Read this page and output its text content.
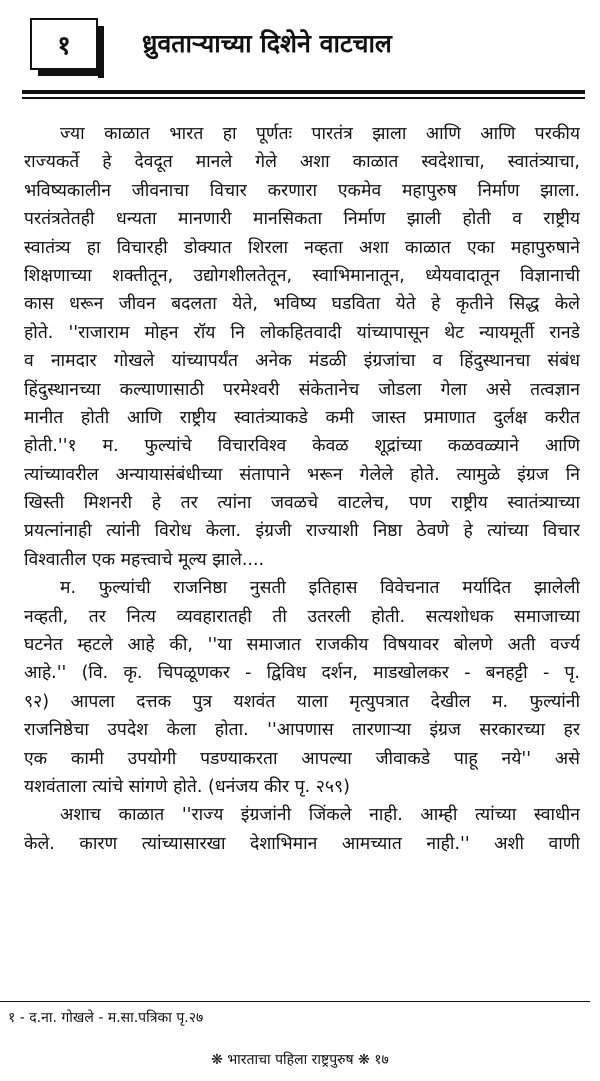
१	ध्रुवताऱ्याच्या दिशेने वाटचाल
ज्या काळात भारत हा पूर्णतः पारतंत्र झाला आणि आणि परकीय
राज्यकर्ते हे देवदूत मानले गेले अशा काळात स्वदेशाचा, स्वातंत्र्याचा,
भविष्यकालीन जीवनाचा विचार करणारा एकमेव महापुरुष निर्माण झाला.
परतंत्रतेतही धन्यता मानणारी मानसिकता निर्माण झाली होती व राष्ट्रीय
स्वातंत्र्य हा विचारही डोक्यात शिरला नव्हता अशा काळात एका महापुरुषाने
शिक्षणाच्या शक्तीतून, उद्योगशीलतेतून, स्वाभिमानातून, ध्येयवादातून विज्ञानाची
कास धरून जीवन बदलता येते, भविष्य घडविता येते हे कृतीने सिद्ध केले
होते. ''राजाराम मोहन रॉय नि लोकहितवादी यांच्यापासून थेट न्यायमूर्ती रानडे
व नामदार गोखले यांच्यापर्यंत अनेक मंडळी इंग्रजांचा व हिंदुस्थानचा संबंध
हिंदुस्थानच्या कल्याणासाठी परमेश्वरी संकेतानेच जोडला गेला असे तत्वज्ञान
मानीत होती आणि राष्ट्रीय स्वातंत्र्याकडे कमी जास्त प्रमाणात दुर्लक्ष करीत
होती.''१ म. फुल्यांचे विचारविश्व केवळ शूद्रांच्या कळवळ्याने आणि
त्यांच्यावरील अन्यायासंबंधीच्या संतापाने भरून गेलेले होते. त्यामुळे इंग्रज नि
खिस्ती मिशनरी हे तर त्यांना जवळचे वाटलेच, पण राष्ट्रीय स्वातंत्र्याच्या
प्रयत्नांनाही त्यांनी विरोध केला. इंग्रजी राज्याशी निष्ठा ठेवणे हे त्यांच्या विचार
विश्वातील एक महत्त्वाचे मूल्य झाले....
म. फुल्यांची राजनिष्ठा नुसती इतिहास विवेचनात मर्यादित झालेली
नव्हती, तर नित्य व्यवहारातही ती उतरली होती. सत्यशोधक समाजाच्या
घटनेत म्हटले आहे की, ''या समाजात राजकीय विषयावर बोलणे अती वर्ज्य
आहे.'' (वि. कृ. चिपळूणकर - द्विविध दर्शन, माडखोलकर - बनहट्टी - पृ.
९२) आपला दत्तक पुत्र यशवंत याला मृत्युपत्रात देखील म. फुल्यांनी
राजनिष्ठेचा उपदेश केला होता. ''आपणास तारणाऱ्या इंग्रज सरकारच्या हर
एक कामी उपयोगी पडण्याकरता आपल्या जीवाकडे पाहू नये'' असे
यशवंताला त्यांचे सांगणे होते. (धनंजय कीर पृ. २५९)
अशाच काळात ''राज्य इंग्रजांनी जिंकले नाही. आम्ही त्यांच्या स्वाधीन
केले. कारण त्यांच्यासारखा देशाभिमान आमच्यात नाही.'' अशी वाणी
१ - द.ना. गोखले - म.सा.पत्रिका पृ.२७
❋ भारताचा पहिला राष्ट्रपुरुष ❋ १७
